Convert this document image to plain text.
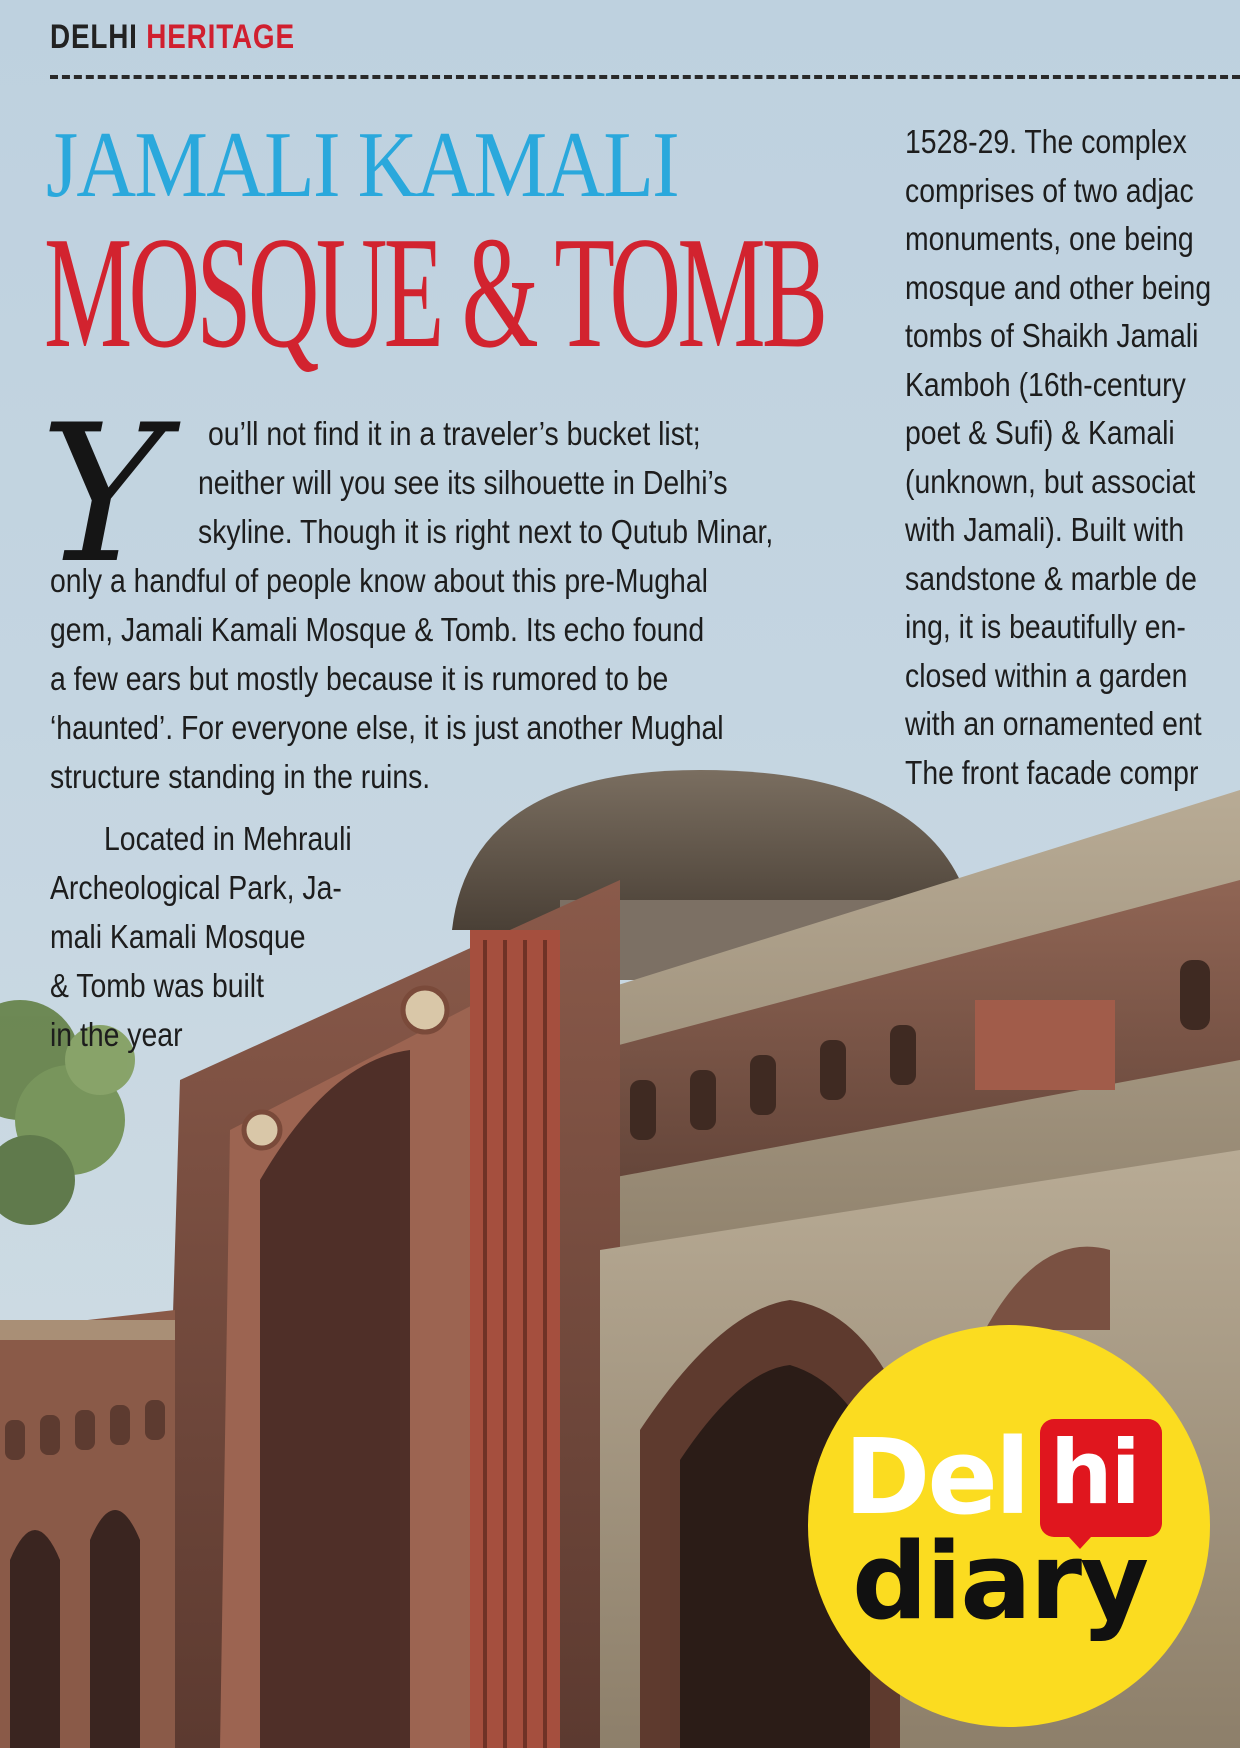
DELHI HERITAGE
JAMALI KAMALI
MOSQUE & TOMB
Y ou’ll not find it in a traveler’s bucket list;
neither will you see its silhouette in Delhi’s
skyline. Though it is right next to Qutub Minar,
only a handful of people know about this pre-Mughal
gem, Jamali Kamali Mosque & Tomb. Its echo found
a few ears but mostly because it is rumored to be
‘haunted’. For everyone else, it is just another Mughal
structure standing in the ruins.
Located in Mehrauli
Archeological Park, Ja-
mali Kamali Mosque
& Tomb was built
in the year
1528-29. The complex
comprises of two adjac
monuments, one being
mosque and other being
tombs of Shaikh Jamali
Kamboh (16th-century
poet & Sufi) & Kamali
(unknown, but associat
with Jamali). Built with
sandstone & marble de
ing, it is beautifully en-
closed within a garden
with an ornamented ent
The front facade compr
Del hi
diary
